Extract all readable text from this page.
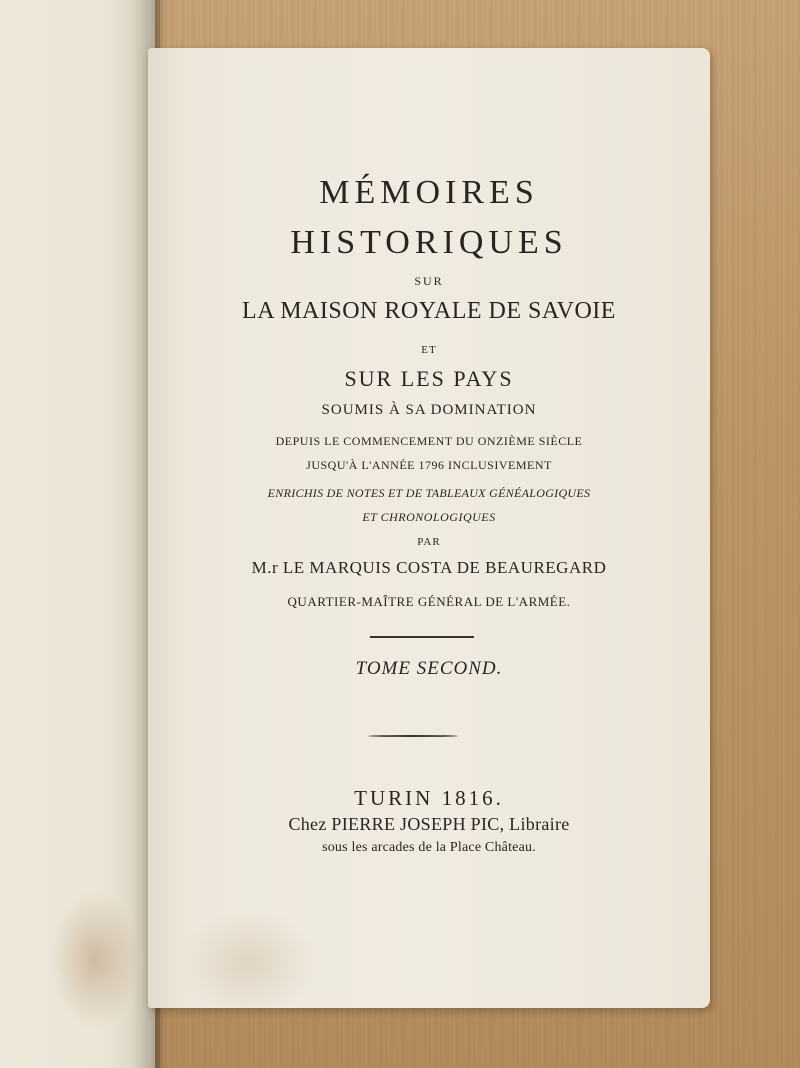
MÉMOIRES
HISTORIQUES
SUR
LA MAISON ROYALE DE SAVOIE
ET
SUR LES PAYS
SOUMIS À SA DOMINATION
DEPUIS LE COMMENCEMENT DU ONZIÈME SIÈCLE
JUSQU'À L'ANNÉE 1796 INCLUSIVEMENT
ENRICHIS DE NOTES ET DE TABLEAUX GÉNÉALOGIQUES
ET CHRONOLOGIQUES
PAR
M.r LE MARQUIS COSTA DE BEAUREGARD
QUARTIER-MAÎTRE GÉNÉRAL DE L'ARMÉE.
TOME SECOND.
TURIN 1816.
Chez PIERRE JOSEPH PIC, Libraire
sous les arcades de la Place Château.
